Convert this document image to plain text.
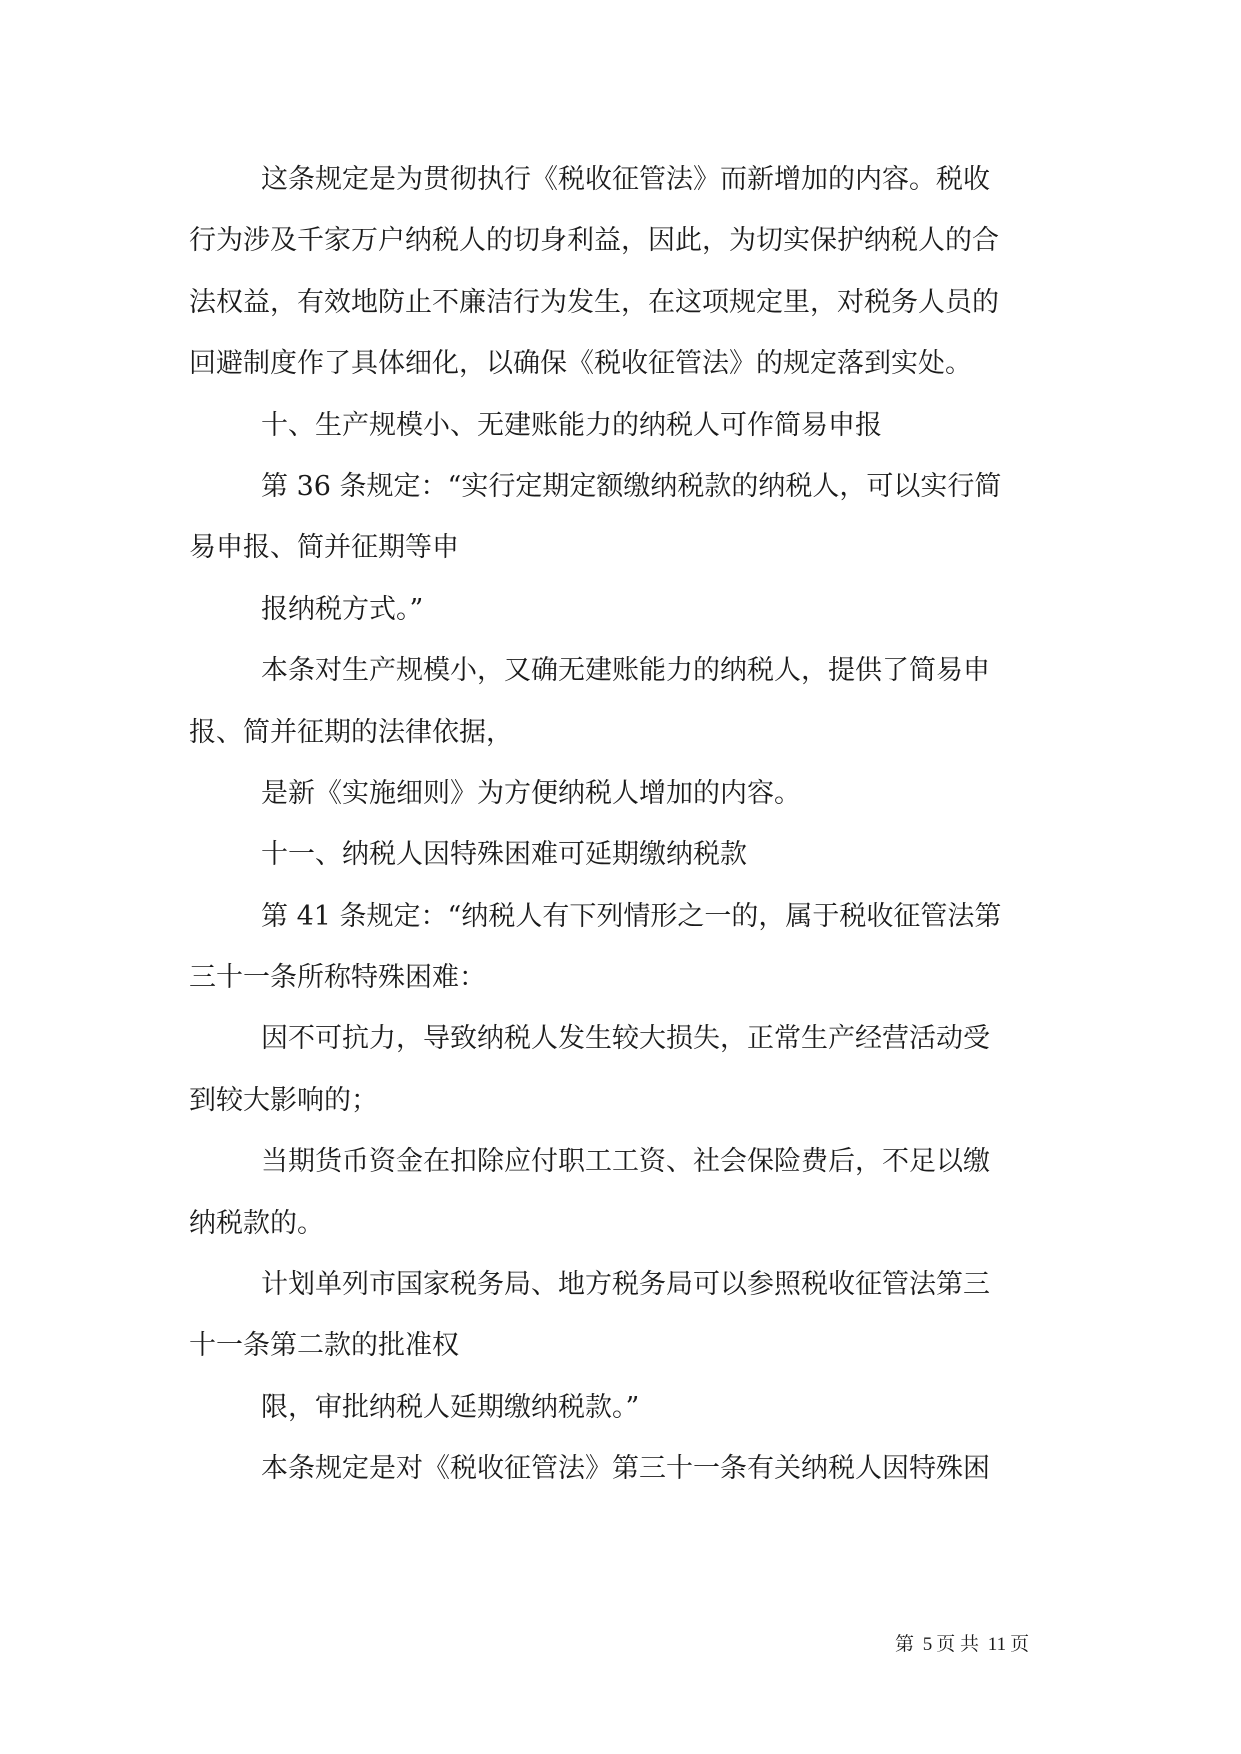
这条规定是为贯彻执行《税收征管法》而新增加的内容。税收
行为涉及千家万户纳税人的切身利益，因此，为切实保护纳税人的合
法权益，有效地防止不廉洁行为发生，在这项规定里，对税务人员的
回避制度作了具体细化，以确保《税收征管法》的规定落到实处。
十、生产规模小、无建账能力的纳税人可作简易申报
第 36 条规定：“实行定期定额缴纳税款的纳税人，可以实行简
易申报、简并征期等申
报纳税方式。”
本条对生产规模小，又确无建账能力的纳税人，提供了简易申
报、简并征期的法律依据，
是新《实施细则》为方便纳税人增加的内容。
十一、纳税人因特殊困难可延期缴纳税款
第 41 条规定：“纳税人有下列情形之一的，属于税收征管法第
三十一条所称特殊困难：
因不可抗力，导致纳税人发生较大损失，正常生产经营活动受
到较大影响的；
当期货币资金在扣除应付职工工资、社会保险费后，不足以缴
纳税款的。
计划单列市国家税务局、地方税务局可以参照税收征管法第三
十一条第二款的批准权
限，审批纳税人延期缴纳税款。”
本条规定是对《税收征管法》第三十一条有关纳税人因特殊困
第 5 页 共 11 页
